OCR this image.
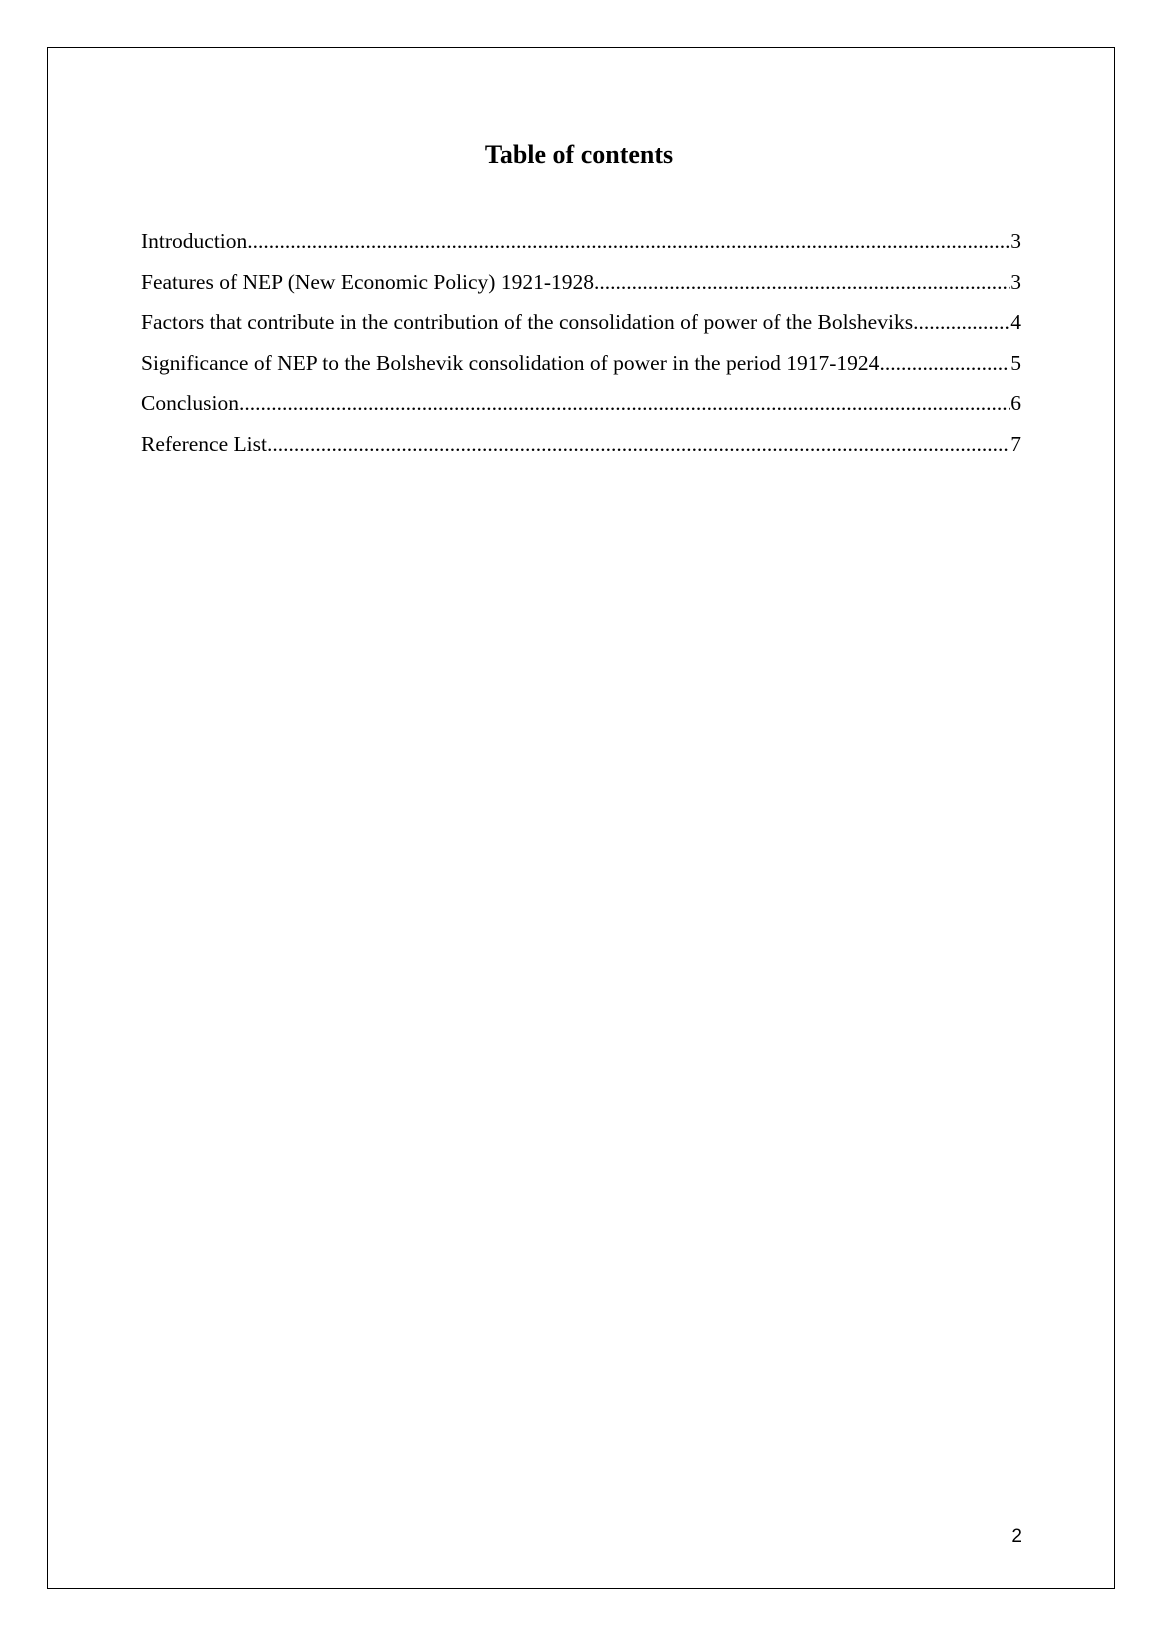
Table of contents
Introduction .....	3
Features of NEP (New Economic Policy) 1921-1928 .....	3
Factors that contribute in the contribution of the consolidation of power of the Bolsheviks .....	4
Significance of NEP to the Bolshevik consolidation of power in the period 1917-1924 .....	5
Conclusion .....	6
Reference List .....	7
2
